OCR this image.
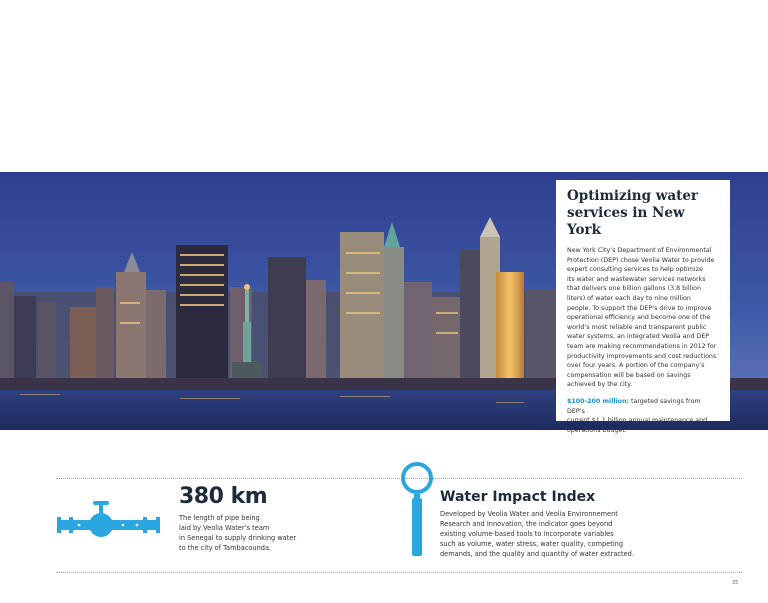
Optimizing water
services in New York

New York City’s Department of Environmental
Protection (DEP) chose Veolia Water to provide
expert consulting services to help optimize
its water and wastewater services networks
that delivers one billion gallons (3.8 billion
liters) of water each day to nine million
people. To support the DEP’s drive to improve
operational efficiency and become one of the
world’s most reliable and transparent public
water systems, an integrated Veolia and DEP
team are making recommendations in 2012 for
productivity improvements and cost reductions
over four years. A portion of the company’s
compensation will be based on savings
achieved by the city.

$100-200 million: targeted savings from DEP’s
current $1.1 billion annual maintenance and
operations budget.

380 km
The length of pipe being
laid by Veolia Water’s team
in Senegal to supply drinking water
to the city of Tambacounda.
Water Impact Index
Developed by Veolia Water and Veolia Environnement
Research and Innovation, the indicator goes beyond
existing volume-based tools to incorporate variables
such as volume, water stress, water quality, competing
demands, and the quality and quantity of water extracted.
35
